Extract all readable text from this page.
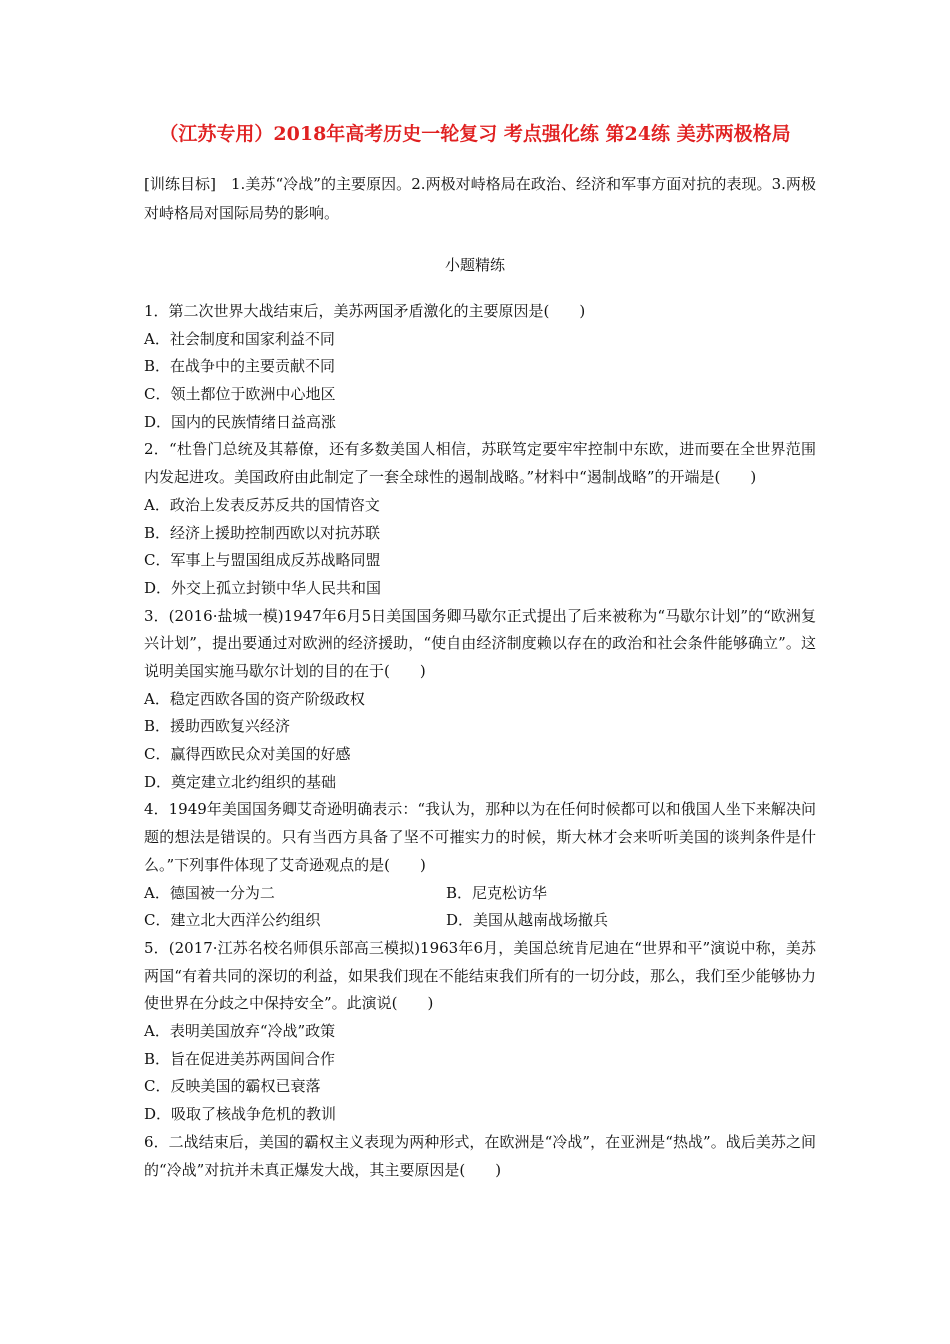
（江苏专用）2018年高考历史一轮复习 考点强化练 第24练 美苏两极格局
[训练目标]　 1.美苏“冷战”的主要原因。2.两极对峙格局在政治、经济和军事方面对抗的表现。3.两极对峙格局对国际局势的影响。
小题精练
1．第二次世界大战结束后，美苏两国矛盾激化的主要原因是(　　)
A．社会制度和国家利益不同
B．在战争中的主要贡献不同
C．领土都位于欧洲中心地区
D．国内的民族情绪日益高涨
2．“杜鲁门总统及其幕僚，还有多数美国人相信，苏联笃定要牢牢控制中东欧，进而要在全世界范围内发起进攻。美国政府由此制定了一套全球性的遏制战略。”材料中“遏制战略”的开端是(　　)
A．政治上发表反苏反共的国情咨文
B．经济上援助控制西欧以对抗苏联
C．军事上与盟国组成反苏战略同盟
D．外交上孤立封锁中华人民共和国
3．(2016·盐城一模)1947年6月5日美国国务卿马歇尔正式提出了后来被称为“马歇尔计划”的“欧洲复兴计划”，提出要通过对欧洲的经济援助，“使自由经济制度赖以存在的政治和社会条件能够确立”。这说明美国实施马歇尔计划的目的在于(　　)
A．稳定西欧各国的资产阶级政权
B．援助西欧复兴经济
C．赢得西欧民众对美国的好感
D．奠定建立北约组织的基础
4．1949年美国国务卿艾奇逊明确表示：“我认为，那种以为在任何时候都可以和俄国人坐下来解决问题的想法是错误的。只有当西方具备了坚不可摧实力的时候，斯大林才会来听听美国的谈判条件是什么。”下列事件体现了艾奇逊观点的是(　　)
A．德国被一分为二	B．尼克松访华
C．建立北大西洋公约组织	D．美国从越南战场撤兵
5．(2017·江苏名校名师俱乐部高三模拟)1963年6月，美国总统肯尼迪在“世界和平”演说中称，美苏两国“有着共同的深切的利益，如果我们现在不能结束我们所有的一切分歧，那么，我们至少能够协力使世界在分歧之中保持安全”。此演说(　　)
A．表明美国放弃“冷战”政策
B．旨在促进美苏两国间合作
C．反映美国的霸权已衰落
D．吸取了核战争危机的教训
6．二战结束后，美国的霸权主义表现为两种形式，在欧洲是“冷战”，在亚洲是“热战”。战后美苏之间的“冷战”对抗并未真正爆发大战，其主要原因是(　　)
